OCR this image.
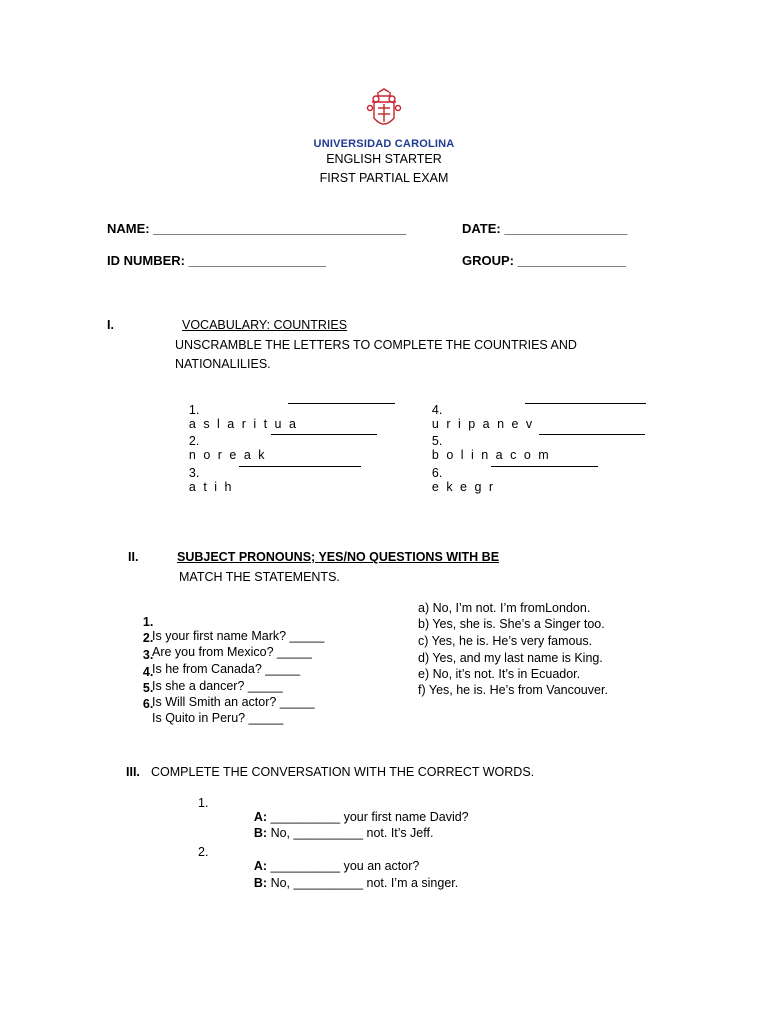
UNIVERSIDAD CAROLINA
ENGLISH STARTER
FIRST PARTIAL EXAM
NAME: ___________________________________	DATE: _________________
ID NUMBER: ___________________	GROUP: _______________
I.	VOCABULARY: COUNTRIES
UNSCRAMBLE THE LETTERS TO COMPLETE THE COUNTRIES AND
NATIONALILIES.

1.
a s l a r i t u a

2.
n o r e a k

3.
a t i h

4.
u r i p a n e v

5.
b o l i n a c o m

6.
e k e g r

II.	SUBJECT PRONOUNS; YES/NO QUESTIONS WITH BE
MATCH THE STATEMENTS.

1.

Is your first name Mark? _____

2.

Are you from Mexico? _____

3.

Is he from Canada? _____

4.

Is she a dancer? _____

5.

Is Will Smith an actor? _____

6.

Is Quito in Peru? _____

a) No, I’m not. I’m fromLondon.
b) Yes, she is. She’s a Singer too.
c) Yes, he is. He’s very famous.
d) Yes, and my last name is King.
e) No, it’s not. It’s in Ecuador.
f) Yes, he is. He’s from Vancouver.
III. COMPLETE THE CONVERSATION WITH THE CORRECT WORDS.
1.

A: __________ your first name David?

B: No, __________ not. It’s Jeff.

2.

A: __________ you an actor?

B: No, __________ not. I’m a singer.
